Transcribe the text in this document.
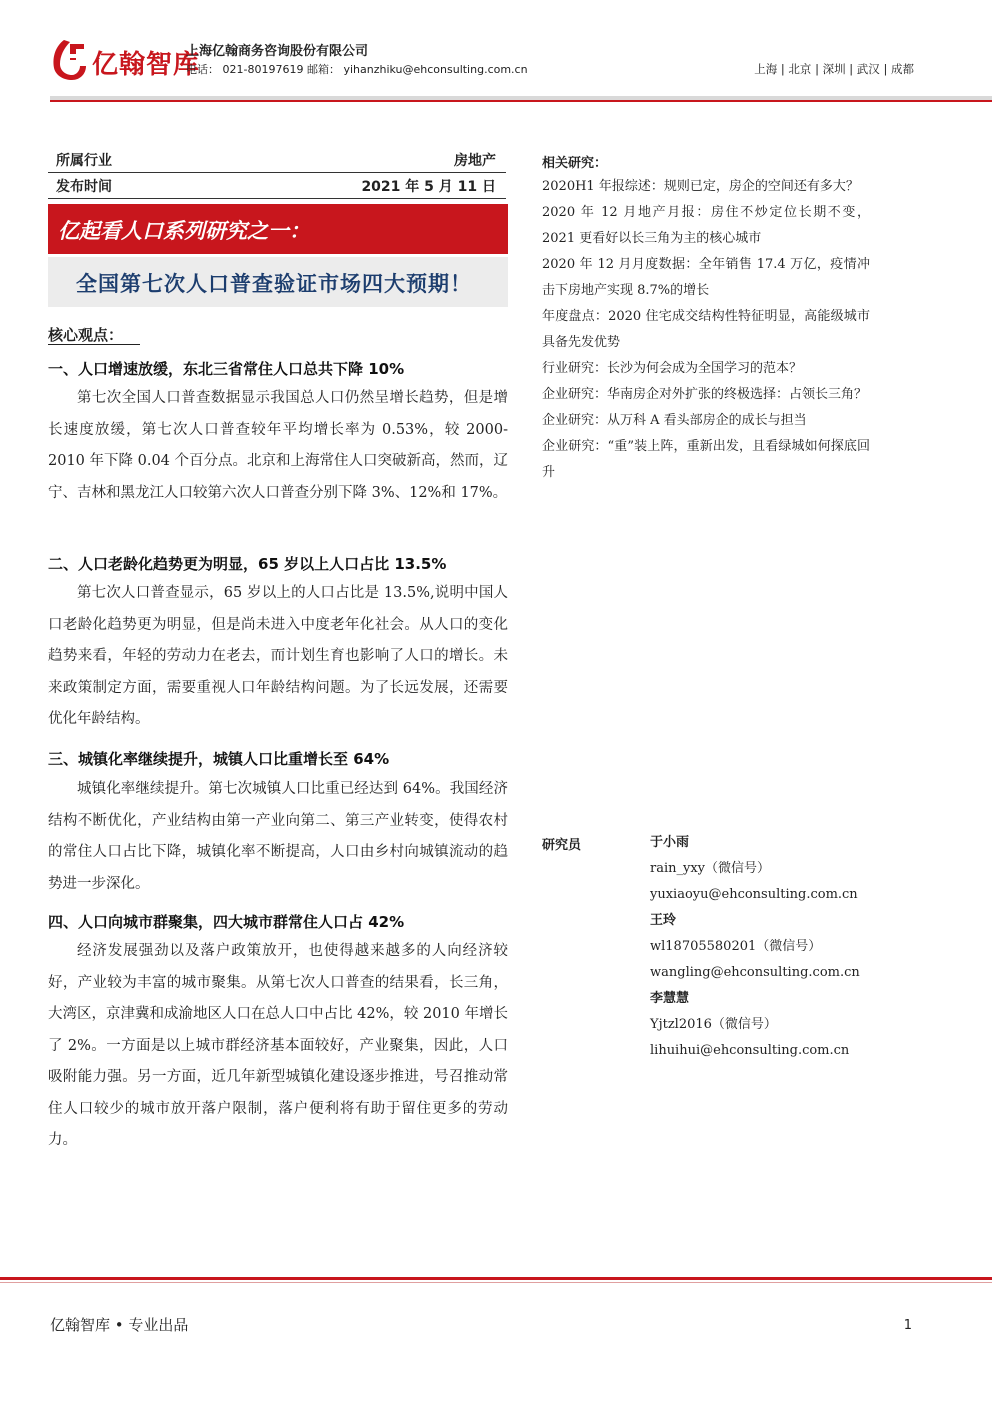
亿翰智库
上海亿翰商务咨询股份有限公司
电话： 021-80197619 邮箱： yihanzhiku@ehconsulting.com.cn	上海 | 北京 | 深圳 | 武汉 | 成都
所属行业	房地产
发布时间	2021 年 5 月 11 日
亿起看人口系列研究之一：
全国第七次人口普查验证市场四大预期！
核心观点：
一、人口增速放缓，东北三省常住人口总共下降 10%
第七次全国人口普查数据显示我国总人口仍然呈增长趋势，但是增长速度放缓，第七次人口普查较年平均增长率为 0.53%，较 2000-2010 年下降 0.04 个百分点。北京和上海常住人口突破新高，然而，辽宁、吉林和黑龙江人口较第六次人口普查分别下降 3%、12%和 17%。
二、人口老龄化趋势更为明显，65 岁以上人口占比 13.5%
第七次人口普查显示，65 岁以上的人口占比是 13.5%,说明中国人口老龄化趋势更为明显，但是尚未进入中度老年化社会。从人口的变化趋势来看，年轻的劳动力在老去，而计划生育也影响了人口的增长。未来政策制定方面，需要重视人口年龄结构问题。为了长远发展，还需要优化年龄结构。
三、城镇化率继续提升，城镇人口比重增长至 64%
城镇化率继续提升。第七次城镇人口比重已经达到 64%。我国经济结构不断优化，产业结构由第一产业向第二、第三产业转变，使得农村的常住人口占比下降，城镇化率不断提高，人口由乡村向城镇流动的趋势进一步深化。
四、人口向城市群聚集，四大城市群常住人口占 42%
经济发展强劲以及落户政策放开，也使得越来越多的人向经济较好，产业较为丰富的城市聚集。从第七次人口普查的结果看，长三角，大湾区，京津冀和成渝地区人口在总人口中占比 42%，较 2010 年增长了 2%。一方面是以上城市群经济基本面较好，产业聚集，因此，人口吸附能力强。另一方面，近几年新型城镇化建设逐步推进，号召推动常住人口较少的城市放开落户限制，落户便利将有助于留住更多的劳动力。
相关研究：
2020H1 年报综述：规则已定，房企的空间还有多大？
2020 年 12 月地产月报：房住不炒定位长期不变，2021 更看好以长三角为主的核心城市
2020 年 12 月月度数据：全年销售 17.4 万亿，疫情冲击下房地产实现 8.7%的增长
年度盘点：2020 住宅成交结构性特征明显，高能级城市具备先发优势
行业研究：长沙为何会成为全国学习的范本？
企业研究：华南房企对外扩张的终极选择：占领长三角？
企业研究：从万科 A 看头部房企的成长与担当
企业研究：“重”装上阵，重新出发，且看绿城如何探底回升
研究员	于小雨
rain_yxy（微信号）
yuxiaoyu@ehconsulting.com.cn
王玲
wl18705580201（微信号）
wangling@ehconsulting.com.cn
李慧慧
Yjtzl2016（微信号）
lihuihui@ehconsulting.com.cn
亿翰智库 • 专业出品	1
